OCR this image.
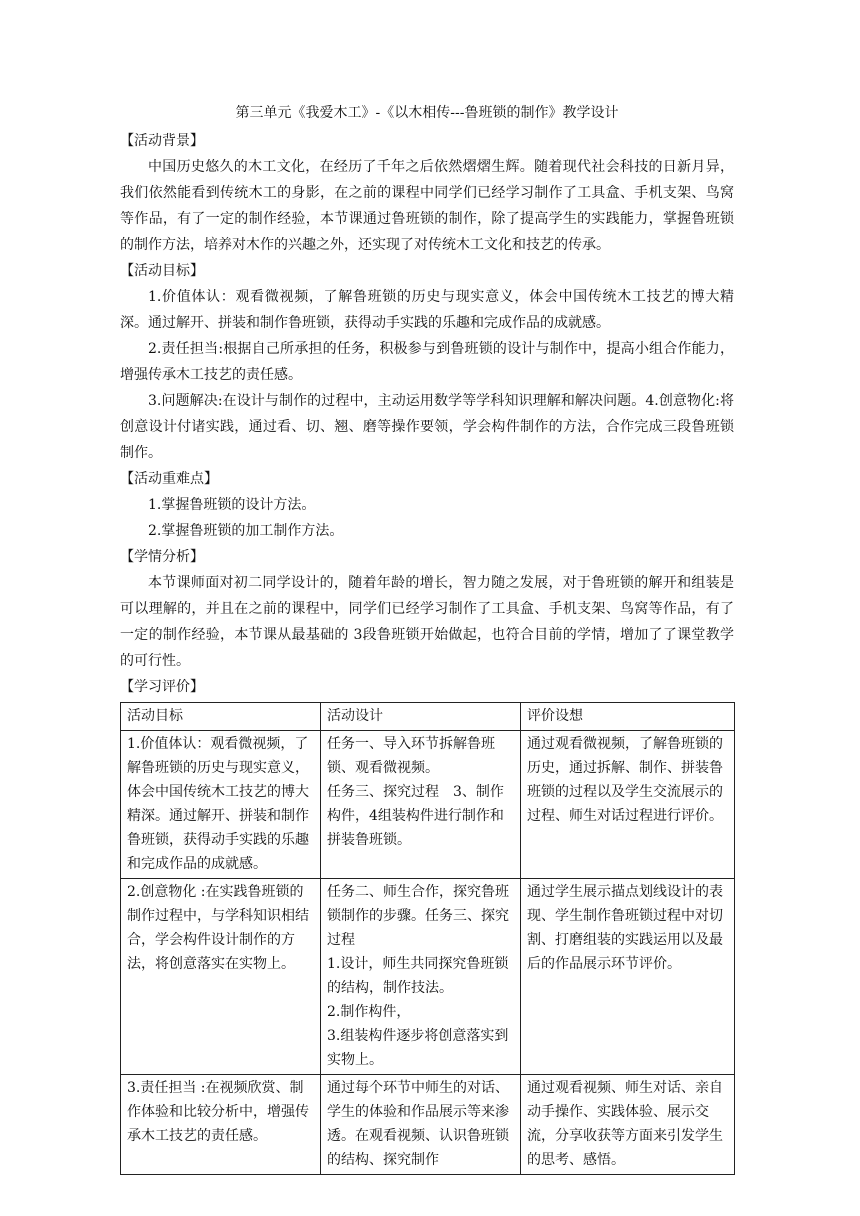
第三单元《我爱木工》-《以木相传---鲁班锁的制作》教学设计

【活动背景】

中国历史悠久的木工文化，在经历了千年之后依然熠熠生辉。随着现代社会科技的日新月异，我们依然能看到传统木工的身影，在之前的课程中同学们已经学习制作了工具盒、手机支架、鸟窝等作品，有了一定的制作经验，本节课通过鲁班锁的制作，除了提高学生的实践能力，掌握鲁班锁的制作方法，培养对木作的兴趣之外，还实现了对传统木工文化和技艺的传承。

【活动目标】

1.价值体认：观看微视频，了解鲁班锁的历史与现实意义，体会中国传统木工技艺的博大精深。通过解开、拼装和制作鲁班锁，获得动手实践的乐趣和完成作品的成就感。

2.责任担当:根据自己所承担的任务，积极参与到鲁班锁的设计与制作中，提高小组合作能力，增强传承木工技艺的责任感。

3.问题解决:在设计与制作的过程中，主动运用数学等学科知识理解和解决问题。4.创意物化:将创意设计付诸实践，通过看、切、翘、磨等操作要领，学会构件制作的方法，合作完成三段鲁班锁制作。

【活动重难点】

1.掌握鲁班锁的设计方法。

2.掌握鲁班锁的加工制作方法。

【学情分析】

本节课师面对初二同学设计的，随着年龄的增长，智力随之发展，对于鲁班锁的解开和组装是可以理解的，并且在之前的课程中，同学们已经学习制作了工具盒、手机支架、鸟窝等作品，有了一定的制作经验，本节课从最基础的 3段鲁班锁开始做起，也符合目前的学情，增加了了课堂教学的可行性。

【学习评价】

活动目标	活动设计	评价设想

1.价值体认：观看微视频，了解鲁班锁的历史与现实意义，体会中国传统木工技艺的博大精深。通过解开、拼装和制作鲁班锁，获得动手实践的乐趣和完成作品的成就感。	任务一、导入环节拆解鲁班锁、观看微视频。
任务三、探究过程　3、制作构件，4组装构件进行制作和拼装鲁班锁。	通过观看微视频，了解鲁班锁的历史，通过拆解、制作、拼装鲁班锁的过程以及学生交流展示的过程、师生对话过程进行评价。

2.创意物化 :在实践鲁班锁的制作过程中，与学科知识相结合，学会构件设计制作的方法，将创意落实在实物上。	任务二、师生合作，探究鲁班锁制作的步骤。任务三、探究过程
1.设计，师生共同探究鲁班锁的结构，制作技法。
2.制作构件，
3.组装构件逐步将创意落实到实物上。	通过学生展示描点划线设计的表现、学生制作鲁班锁过程中对切割、打磨组装的实践运用以及最后的作品展示环节评价。

3.责任担当 :在视频欣赏、制作体验和比较分析中，增强传承木工技艺的责任感。	通过每个环节中师生的对话、学生的体验和作品展示等来渗透。在观看视频、认识鲁班锁的结构、探究制作	通过观看视频、师生对话、亲自动手操作、实践体验、展示交流，分享收获等方面来引发学生的思考、感悟。
